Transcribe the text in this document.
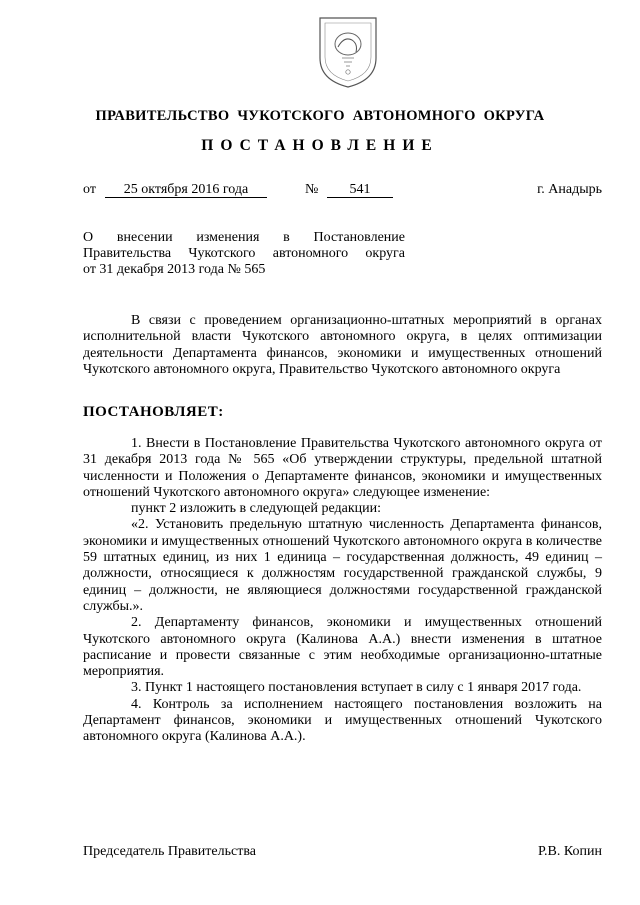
ПРАВИТЕЛЬСТВО ЧУКОТСКОГО АВТОНОМНОГО ОКРУГА
ПОСТАНОВЛЕНИЕ
от	25 октября 2016 года	№	541	г. Анадырь
О внесении изменения в Постановление
Правительства Чукотского автономного округа
от 31 декабря 2013 года № 565

В связи с проведением организационно-штатных мероприятий в органах исполнительной власти Чукотского автономного округа, в целях оптимизации деятельности Департамента финансов, экономики и имущественных отношений Чукотского автономного округа, Правительство Чукотского автономного округа

ПОСТАНОВЛЯЕТ:

1. Внести в Постановление Правительства Чукотского автономного округа от 31 декабря 2013 года № 565 «Об утверждении структуры, предельной штатной численности и Положения о Департаменте финансов, экономики и имущественных отношений Чукотского автономного округа» следующее изменение:

пункт 2 изложить в следующей редакции:

«2. Установить предельную штатную численность Департамента финансов, экономики и имущественных отношений Чукотского автономного округа в количестве 59 штатных единиц, из них 1 единица – государственная должность, 49 единиц – должности, относящиеся к должностям государственной гражданской службы, 9 единиц – должности, не являющиеся должностями государственной гражданской службы.».

2. Департаменту финансов, экономики и имущественных отношений Чукотского автономного округа (Калинова А.А.) внести изменения в штатное расписание и провести связанные с этим необходимые организационно-штатные мероприятия.

3. Пункт 1 настоящего постановления вступает в силу с 1 января 2017 года.

4. Контроль за исполнением настоящего постановления возложить на Департамент финансов, экономики и имущественных отношений Чукотского автономного округа (Калинова А.А.).

Председатель Правительства	Р.В. Копин
